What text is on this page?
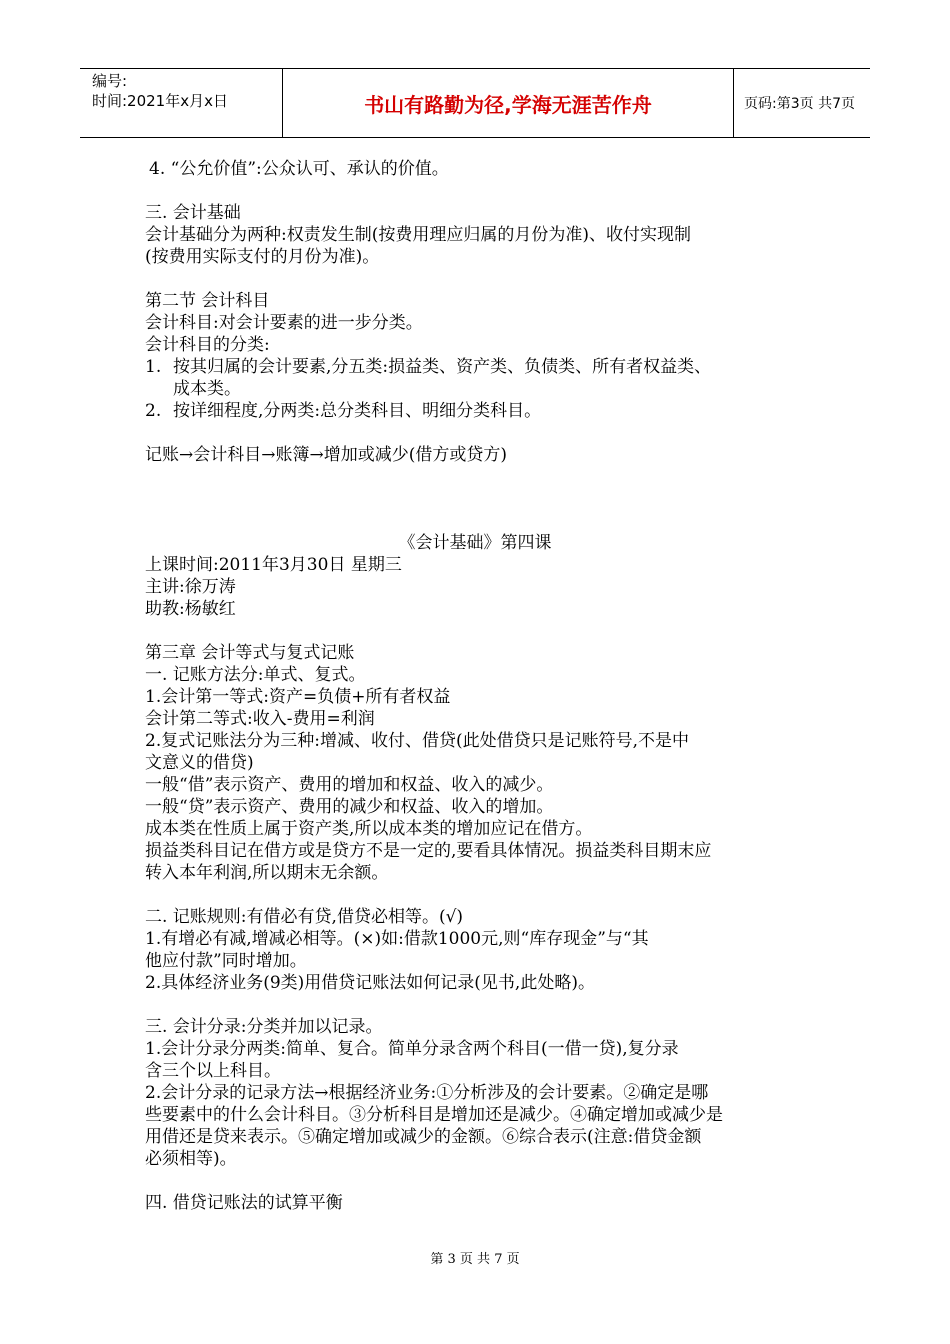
编号:
时间:2021年x月x日	书山有路勤为径,学海无涯苦作舟	页码:第3页 共7页
4. “公允价值”:公众认可、承认的价值。
三. 会计基础
会计基础分为两种:权责发生制(按费用理应归属的月份为准)、收付实现制
(按费用实际支付的月份为准)。
第二节 会计科目
会计科目:对会计要素的进一步分类。
会计科目的分类:
1. 按其归属的会计要素,分五类:损益类、资产类、负债类、所有者权益类、
成本类。
2. 按详细程度,分两类:总分类科目、明细分类科目。
记账→会计科目→账簿→增加或减少(借方或贷方)
《会计基础》第四课
上课时间:2011年3月30日 星期三
主讲:徐万涛
助教:杨敏红
第三章 会计等式与复式记账
一. 记账方法分:单式、复式。
1.会计第一等式:资产=负债+所有者权益
会计第二等式:收入-费用=利润
2.复式记账法分为三种:增减、收付、借贷(此处借贷只是记账符号,不是中
文意义的借贷)
一般“借”表示资产、费用的增加和权益、收入的减少。
一般“贷”表示资产、费用的减少和权益、收入的增加。
成本类在性质上属于资产类,所以成本类的增加应记在借方。
损益类科目记在借方或是贷方不是一定的,要看具体情况。损益类科目期末应
转入本年利润,所以期末无余额。
二. 记账规则:有借必有贷,借贷必相等。(√)
1.有增必有减,增减必相等。(×)如:借款1000元,则“库存现金”与“其
他应付款”同时增加。
2.具体经济业务(9类)用借贷记账法如何记录(见书,此处略)。
三. 会计分录:分类并加以记录。
1.会计分录分两类:简单、复合。简单分录含两个科目(一借一贷),复分录
含三个以上科目。
2.会计分录的记录方法→根据经济业务:①分析涉及的会计要素。②确定是哪
些要素中的什么会计科目。③分析科目是增加还是减少。④确定增加或减少是
用借还是贷来表示。⑤确定增加或减少的金额。⑥综合表示(注意:借贷金额
必须相等)。
四. 借贷记账法的试算平衡
第 3 页 共 7 页
